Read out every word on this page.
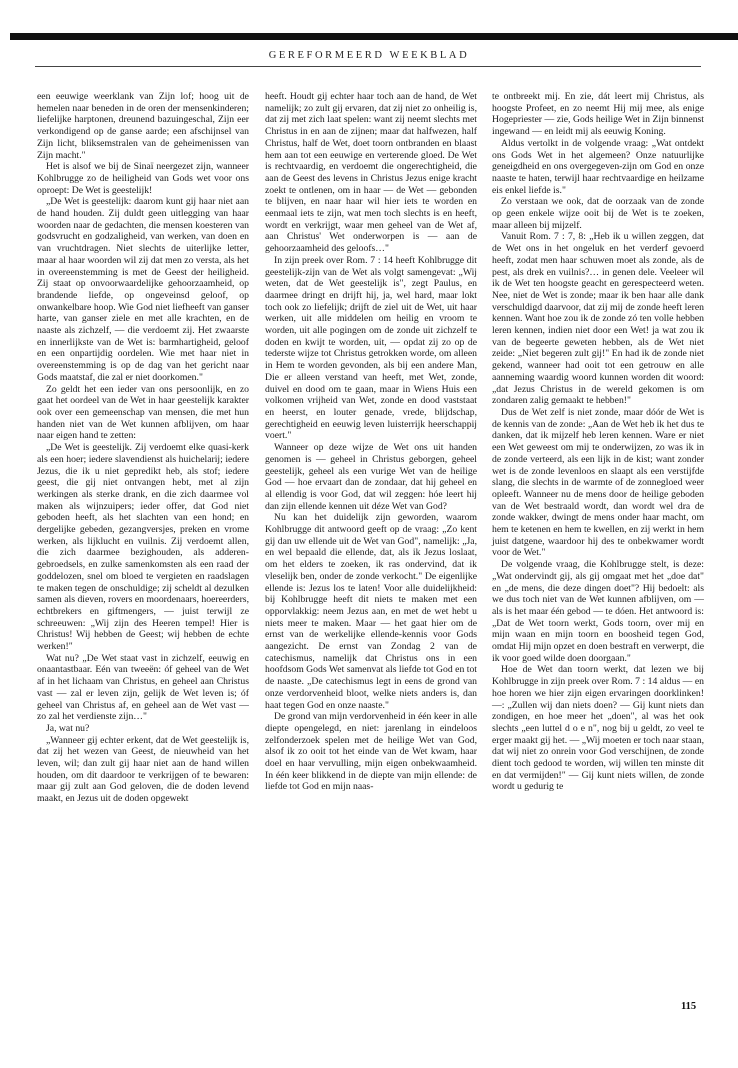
GEREFORMEERD WEEKBLAD

een eeuwige weerklank van Zijn lof; hoog uit de hemelen naar beneden in de oren der mensenkinderen; liefelijke harptonen, dreunend bazuingeschal, Zijn eer verkondigend op de ganse aarde; een afschijnsel van Zijn licht, bliksemstralen van de geheimenissen van Zijn macht."

Het is alsof we bij de Sinaï neergezet zijn, wanneer Kohlbrugge zo de heiligheid van Gods wet voor ons oproept: De Wet is geestelijk!

„De Wet is geestelijk: daarom kunt gij haar niet aan de hand houden. Zij duldt geen uitlegging van haar woorden naar de gedachten, die mensen koesteren van godsvrucht en godzaligheid, van werken, van doen en van vruchtdragen. Niet slechts de uiterlijke letter, maar al haar woorden wil zij dat men zo versta, als het in overeenstemming is met de Geest der heiligheid. Zij staat op onvoorwaardelijke gehoorzaamheid, op brandende liefde, op ongeveinsd geloof, op onwankelbare hoop. Wie God niet liefheeft van ganser harte, van ganser ziele en met alle krachten, en de naaste als zichzelf, — die verdoemt zij. Het zwaarste en innerlijkste van de Wet is: barmhartigheid, geloof en een onpartijdig oordelen. Wie met haar niet in overeenstemming is op de dag van het gericht naar Gods maatstaf, die zal er niet doorkomen."

Zo geldt het een ieder van ons persoonlijk, en zo gaat het oordeel van de Wet in haar geestelijk karakter ook over een gemeenschap van mensen, die met hun handen niet van de Wet kunnen afblijven, om haar naar eigen hand te zetten:

„De Wet is geestelijk. Zij verdoemt elke quasi-kerk als een hoer; iedere slavendienst als huichelarij; iedere Jezus, die ik u niet gepredikt heb, als stof; iedere geest, die gij niet ontvangen hebt, met al zijn werkingen als sterke drank, en die zich daarmee vol maken als wijnzuipers; ieder offer, dat God niet geboden heeft, als het slachten van een hond; en dergelijke gebeden, gezangversjes, preken en vrome werken, als lijklucht en vuilnis. Zij verdoemt allen, die zich daarmee bezighouden, als adderen-gebroedsels, en zulke samenkomsten als een raad der goddelozen, snel om bloed te vergieten en raadslagen te maken tegen de onschuldige; zij scheldt al dezulken samen als dieven, rovers en moordenaars, hoereerders, echtbrekers en giftmengers, — juist terwijl ze schreeuwen: „Wij zijn des Heeren tempel! Hier is Christus! Wij hebben de Geest; wij hebben de echte werken!"

Wat nu? „De Wet staat vast in zichzelf, eeuwig en onaantastbaar. Eén van tweeën: óf geheel van de Wet af in het lichaam van Christus, en geheel aan Christus vast — zal er leven zijn, gelijk de Wet leven is; óf geheel van Christus af, en geheel aan de Wet vast — zo zal het verdienste zijn…"

Ja, wat nu?

„Wanneer gij echter erkent, dat de Wet geestelijk is, dat zij het wezen van Geest, de nieuwheid van het leven, wil; dan zult gij haar niet aan de hand willen houden, om dit daardoor te verkrijgen of te bewaren: maar gij zult aan God geloven, die de doden levend maakt, en Jezus uit de doden opgewekt

heeft. Houdt gij echter haar toch aan de hand, de Wet namelijk; zo zult gij ervaren, dat zij niet zo onheilig is, dat zij met zich laat spelen: want zij neemt slechts met Christus in en aan de zijnen; maar dat halfwezen, half Christus, half de Wet, doet toorn ontbranden en blaast hem aan tot een eeuwige en verterende gloed. De Wet is rechtvaardig, en verdoemt die ongerechtigheid, die aan de Geest des levens in Christus Jezus enige kracht zoekt te ontlenen, om in haar — de Wet — gebonden te blijven, en naar haar wil hier iets te worden en eenmaal iets te zijn, wat men toch slechts is en heeft, wordt en verkrijgt, waar men geheel van de Wet af, aan Christus' Wet onderworpen is — aan de gehoorzaamheid des geloofs…"

In zijn preek over Rom. 7 : 14 heeft Kohlbrugge dit geestelijk-zijn van de Wet als volgt samengevat: „Wij weten, dat de Wet geestelijk is", zegt Paulus, en daarmee dringt en drijft hij, ja, wel hard, maar lokt toch ook zo liefelijk; drijft de ziel uit de Wet, uit haar werken, uit alle middelen om heilig en vroom te worden, uit alle pogingen om de zonde uit zichzelf te doden en kwijt te worden, uit, — opdat zij zo op de tederste wijze tot Christus getrokken worde, om alleen in Hem te worden gevonden, als bij een andere Man, Die er alleen verstand van heeft, met Wet, zonde, duivel en dood om te gaan, maar in Wiens Huis een volkomen vrijheid van Wet, zonde en dood vaststaat en heerst, en louter genade, vrede, blijdschap, gerechtigheid en eeuwig leven luisterrijk heerschappij voert."

Wanneer op deze wijze de Wet ons uit handen genomen is — geheel in Christus geborgen, geheel geestelijk, geheel als een vurige Wet van de heilige God — hoe ervaart dan de zondaar, dat hij geheel en al ellendig is voor God, dat wil zeggen: hóe leert hij dan zijn ellende kennen uit déze Wet van God?

Nu kan het duidelijk zijn geworden, waarom Kohlbrugge dit antwoord geeft op de vraag: „Zo kent gij dan uw ellende uit de Wet van God", namelijk: „Ja, en wel bepaald die ellende, dat, als ik Jezus loslaat, om het elders te zoeken, ik ras ondervind, dat ik vleselijk ben, onder de zonde verkocht." De eigenlijke ellende is: Jezus los te laten! Voor alle duidelijkheid: bij Kohlbrugge heeft dit niets te maken met een opporvlakkig: neem Jezus aan, en met de wet hebt u niets meer te maken. Maar — het gaat hier om de ernst van de werkelijke ellende-kennis voor Gods aangezicht. De ernst van Zondag 2 van de catechismus, namelijk dat Christus ons in een hoofdsom Gods Wet samenvat als liefde tot God en tot de naaste. „De catechismus legt in eens de grond van onze verdorvenheid bloot, welke niets anders is, dan haat tegen God en onze naaste."

De grond van mijn verdorvenheid in één keer in alle diepte opengelegd, en niet: jarenlang in eindeloos zelfonderzoek spelen met de heilige Wet van God, alsof ik zo ooit tot het einde van de Wet kwam, haar doel en haar vervulling, mijn eigen onbekwaamheid. In één keer blikkend in de diepte van mijn ellende: de liefde tot God en mijn naas-

te ontbreekt mij. En zie, dát leert mij Christus, als hoogste Profeet, en zo neemt Hij mij mee, als enige Hogepriester — zie, Gods heilige Wet in Zijn binnenst ingewand — en leidt mij als eeuwig Koning.

Aldus vertolkt in de volgende vraag: „Wat ontdekt ons Gods Wet in het algemeen? Onze natuurlijke geneigdheid en ons overgegeven-zijn om God en onze naaste te haten, terwijl haar rechtvaardige en heilzame eis enkel liefde is."

Zo verstaan we ook, dat de oorzaak van de zonde op geen enkele wijze ooit bij de Wet is te zoeken, maar alleen bij mijzelf.

Vanuit Rom. 7 : 7, 8: „Heb ik u willen zeggen, dat de Wet ons in het ongeluk en het verderf gevoerd heeft, zodat men haar schuwen moet als zonde, als de pest, als drek en vuilnis?… in genen dele. Veeleer wil ik de Wet ten hoogste geacht en gerespecteerd weten. Nee, niet de Wet is zonde; maar ik ben haar alle dank verschuldigd daarvoor, dat zij mij de zonde heeft leren kennen. Want hoe zou ik de zonde zó ten volle hebben leren kennen, indien niet door een Wet! ja wat zou ik van de begeerte geweten hebben, als de Wet niet zeide: „Niet begeren zult gij!" En had ik de zonde niet gekend, wanneer had ooit tot een getrouw en alle aanneming waardig woord kunnen worden dit woord: „dat Jezus Christus in de wereld gekomen is om zondaren zalig gemaakt te hebben!"

Dus de Wet zelf is niet zonde, maar dóór de Wet is de kennis van de zonde: „Aan de Wet heb ik het dus te danken, dat ik mijzelf heb leren kennen. Ware er niet een Wet geweest om mij te onderwijzen, zo was ik in de zonde verteerd, als een lijk in de kist; want zonder wet is de zonde levenloos en slaapt als een verstijfde slang, die slechts in de warmte of de zonnegloed weer opleeft. Wanneer nu de mens door de heilige geboden van de Wet bestraald wordt, dan wordt wel dra de zonde wakker, dwingt de mens onder haar macht, om hem te ketenen en hem te kwellen, en zij werkt in hem juist datgene, waardoor hij des te onbekwamer wordt voor de Wet."

De volgende vraag, die Kohlbrugge stelt, is deze: „Wat ondervindt gij, als gij omgaat met het „doe dat" en „de mens, die deze dingen doet"? Hij bedoelt: als we dus toch niet van de Wet kunnen afblijven, om — als is het maar één gebod — te dóen. Het antwoord is: „Dat de Wet toorn werkt, Gods toorn, over mij en mijn waan en mijn toorn en boosheid tegen God, omdat Hij mijn opzet en doen bestraft en verwerpt, die ik voor goed wilde doen doorgaan."

Hoe de Wet dan toorn werkt, dat lezen we bij Kohlbrugge in zijn preek over Rom. 7 : 14 aldus — en hoe horen we hier zijn eigen ervaringen doorklinken! —: „Zullen wij dan niets doen? — Gij kunt niets dan zondigen, en hoe meer het „doen", al was het ook slechts „een luttel d o e n", nog bij u geldt, zo veel te erger maakt gij het. — „Wij moeten er toch naar staan, dat wij niet zo onrein voor God verschijnen, de zonde dient toch gedood te worden, wij willen ten minste dit en dat vermijden!" — Gij kunt niets willen, de zonde wordt u gedurig te

115
